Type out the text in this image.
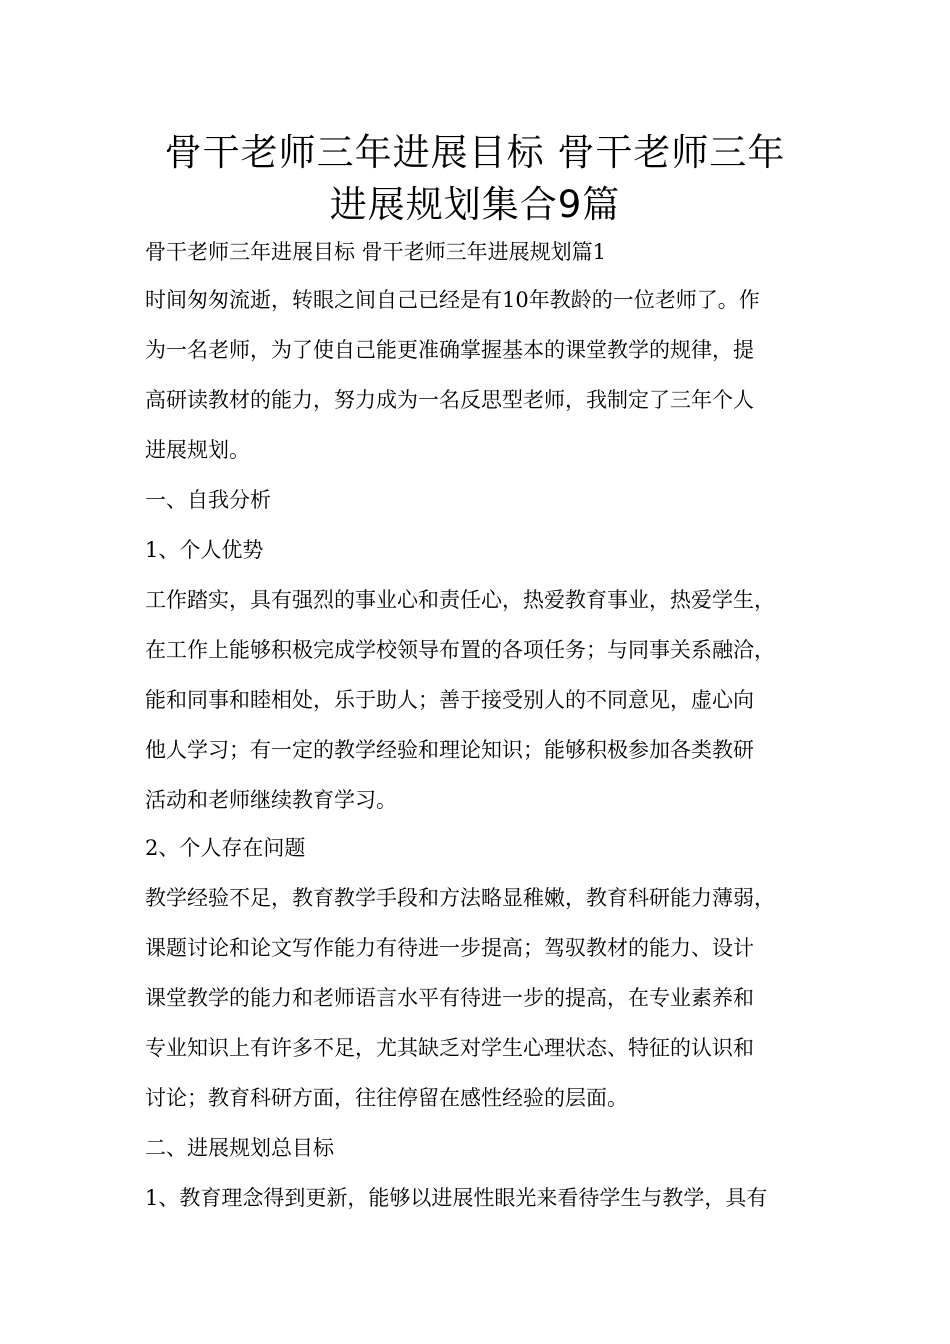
骨干老师三年进展目标 骨干老师三年
进展规划集合9篇
骨干老师三年进展目标 骨干老师三年进展规划篇1
时间匆匆流逝，转眼之间自己已经是有10年教龄的一位老师了。作
为一名老师，为了使自己能更准确掌握基本的课堂教学的规律，提
高研读教材的能力，努力成为一名反思型老师，我制定了三年个人
进展规划。
一、自我分析
1、个人优势
工作踏实，具有强烈的事业心和责任心，热爱教育事业，热爱学生，
在工作上能够积极完成学校领导布置的各项任务；与同事关系融洽，
能和同事和睦相处，乐于助人；善于接受别人的不同意见，虚心向
他人学习；有一定的教学经验和理论知识；能够积极参加各类教研
活动和老师继续教育学习。
2、个人存在问题
教学经验不足，教育教学手段和方法略显稚嫩，教育科研能力薄弱，
课题讨论和论文写作能力有待进一步提高；驾驭教材的能力、设计
课堂教学的能力和老师语言水平有待进一步的提高，在专业素养和
专业知识上有许多不足，尤其缺乏对学生心理状态、特征的认识和
讨论；教育科研方面，往往停留在感性经验的层面。
二、进展规划总目标
1、教育理念得到更新，能够以进展性眼光来看待学生与教学，具有
